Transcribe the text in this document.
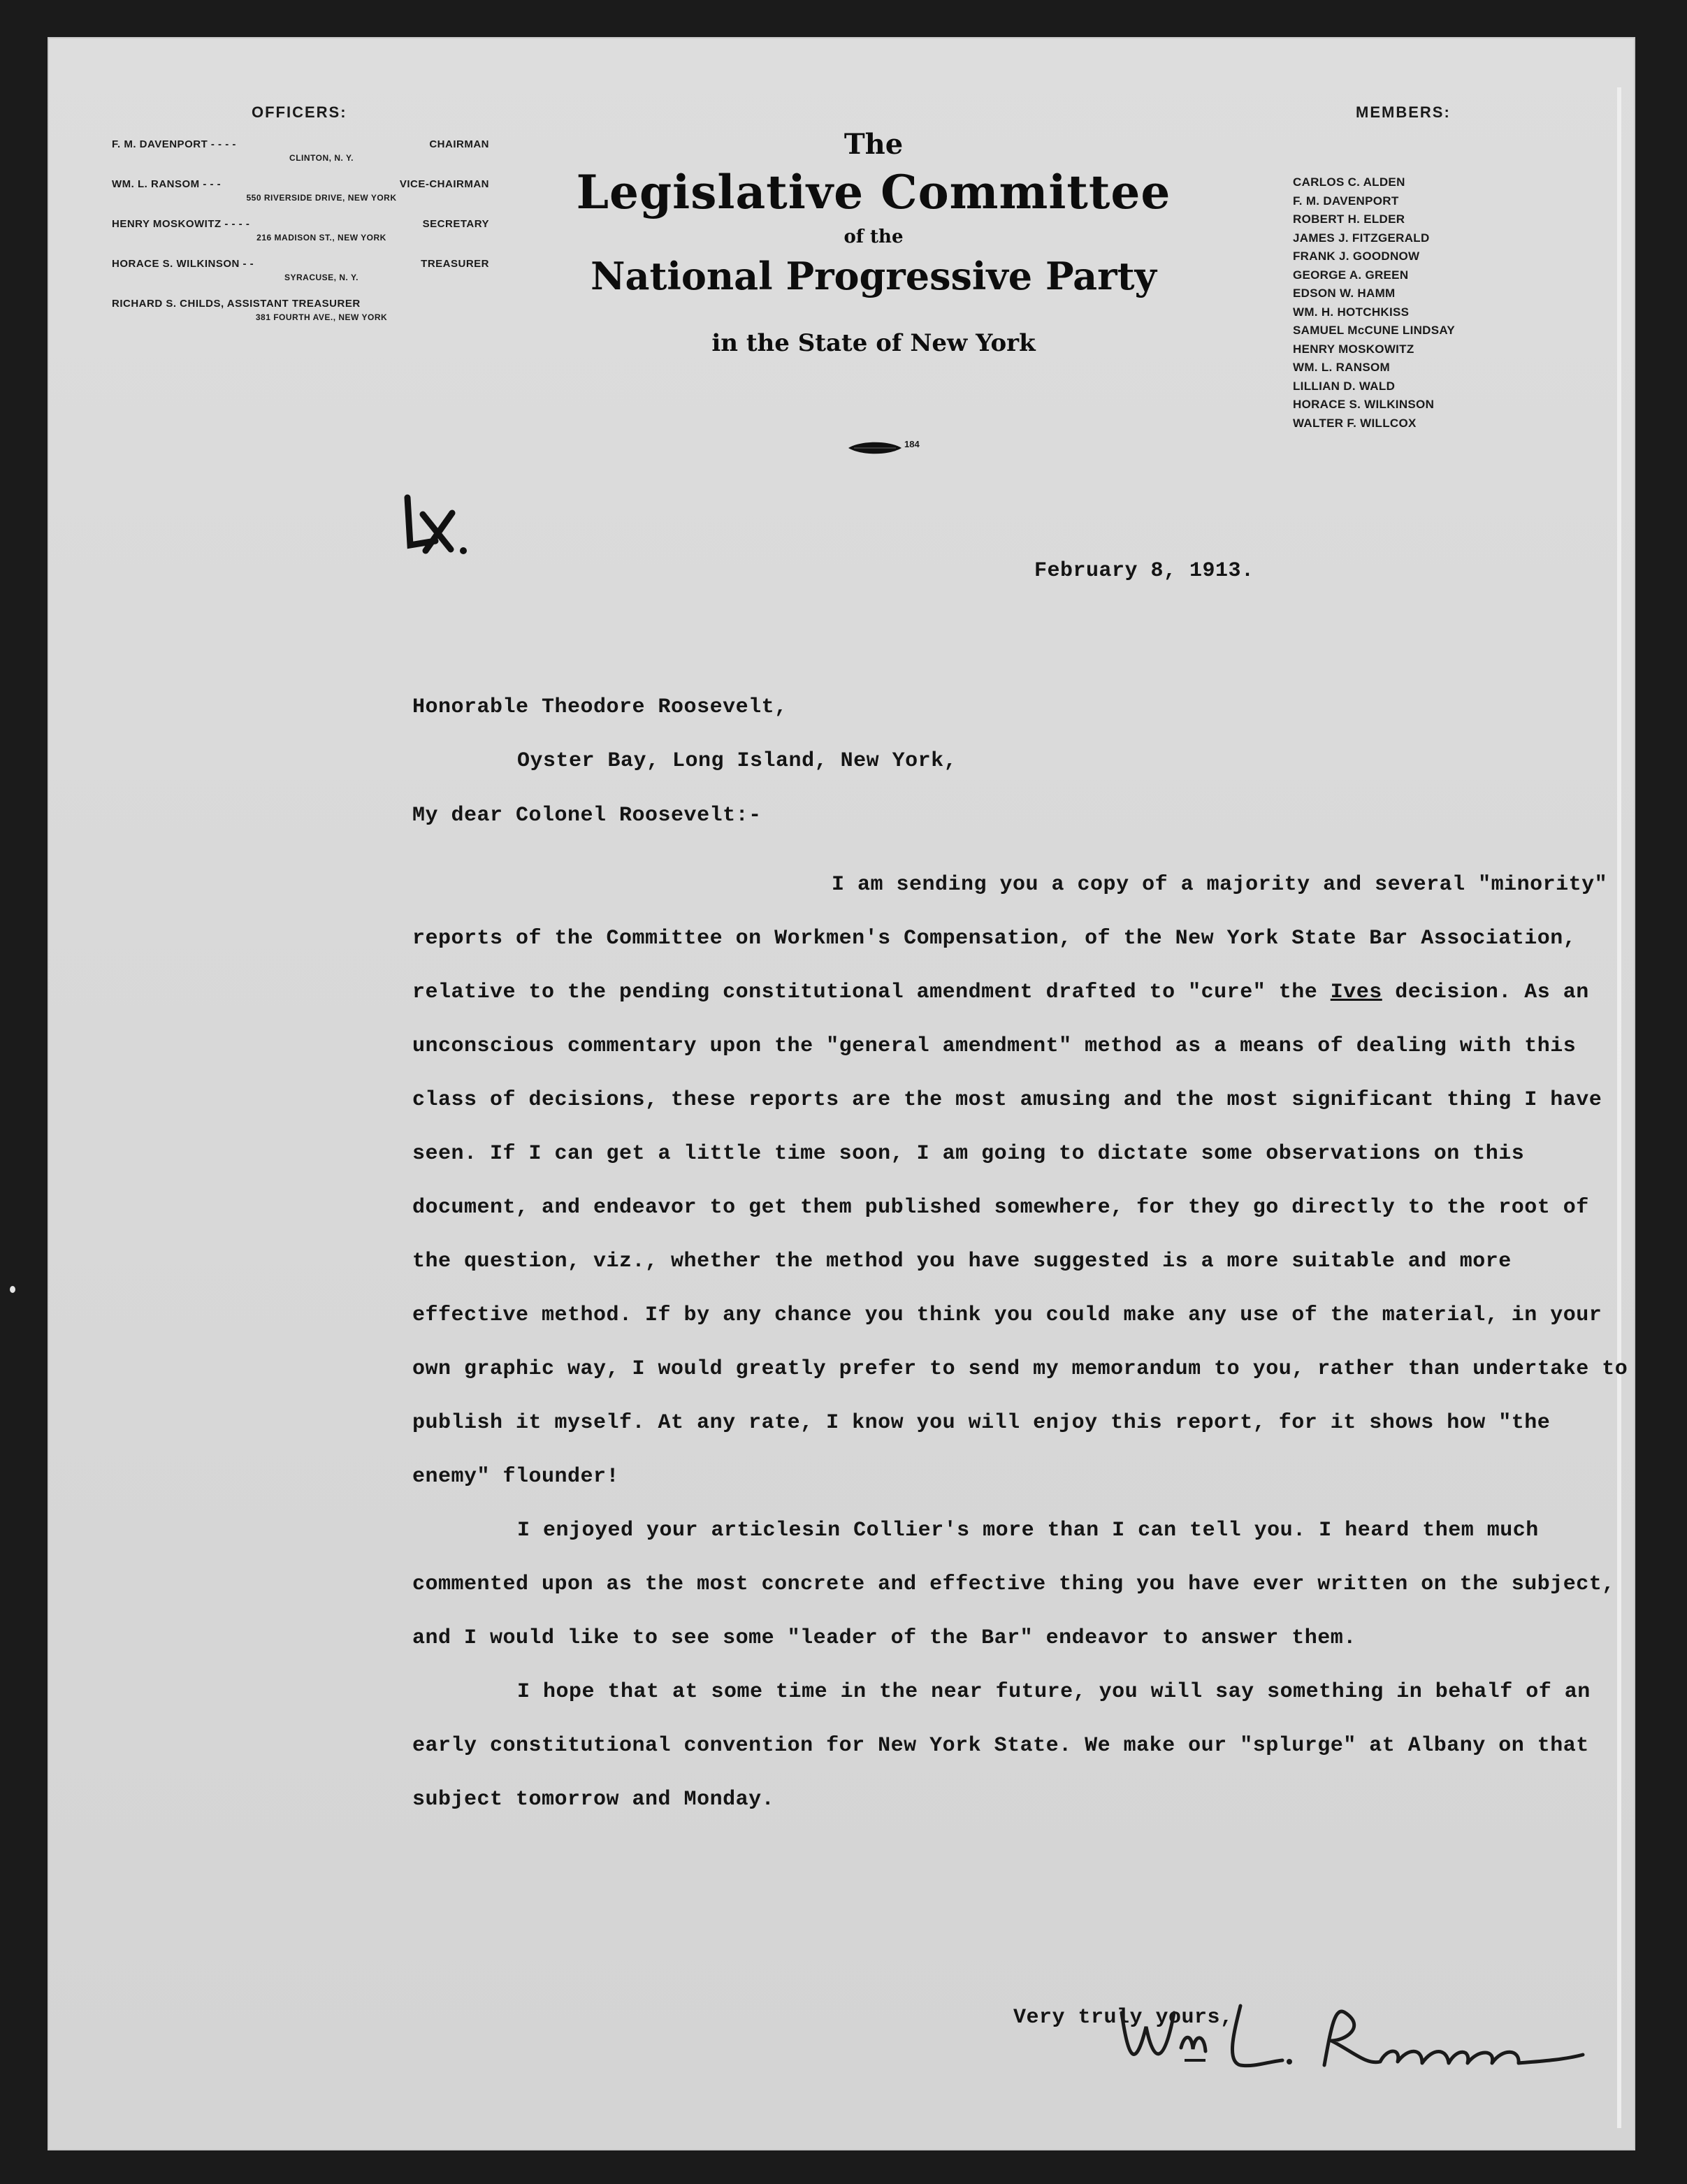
OFFICERS:
F. M. DAVENPORT - - - -	CHAIRMAN
CLINTON, N. Y.
WM. L. RANSOM - - -	VICE-CHAIRMAN
550 RIVERSIDE DRIVE, NEW YORK
HENRY MOSKOWITZ - - - -	SECRETARY
216 MADISON ST., NEW YORK
HORACE S. WILKINSON - -	TREASURER
SYRACUSE, N. Y.
RICHARD S. CHILDS, ASSISTANT TREASURER
381 FOURTH AVE., NEW YORK
The
Legislative Committee
of the
National Progressive Party
in the State of New York
184
MEMBERS:
CARLOS C. ALDEN
F. M. DAVENPORT
ROBERT H. ELDER
JAMES J. FITZGERALD
FRANK J. GOODNOW
GEORGE A. GREEN
EDSON W. HAMM
WM. H. HOTCHKISS
SAMUEL McCUNE LINDSAY
HENRY MOSKOWITZ
WM. L. RANSOM
LILLIAN D. WALD
HORACE S. WILKINSON
WALTER F. WILLCOX
February 8, 1913.
Honorable Theodore Roosevelt,
Oyster Bay, Long Island, New York,
My dear Colonel Roosevelt:-

I am sending you a copy of a majority and several "minority" reports of the Committee on Workmen's Compensation, of the New York State Bar Association, relative to the pending constitutional amendment drafted to "cure" the Ives decision. As an unconscious commentary upon the "general amendment" method as a means of dealing with this class of decisions, these reports are the most amusing and the most significant thing I have seen. If I can get a little time soon, I am going to dictate some observations on this document, and endeavor to get them published somewhere, for they go directly to the root of the question, viz., whether the method you have suggested is a more suitable and more effective method. If by any chance you think you could make any use of the material, in your own graphic way, I would greatly prefer to send my memorandum to you, rather than undertake to publish it myself. At any rate, I know you will enjoy this report, for it shows how "the enemy" flounder!

I enjoyed your articlesin Collier's more than I can tell you. I heard them much commented upon as the most concrete and effective thing you have ever written on the subject, and I would like to see some "leader of the Bar" endeavor to answer them.

I hope that at some time in the near future, you will say something in behalf of an early constitutional convention for New York State. We make our "splurge" at Albany on that subject tomorrow and Monday.

Very truly yours,
